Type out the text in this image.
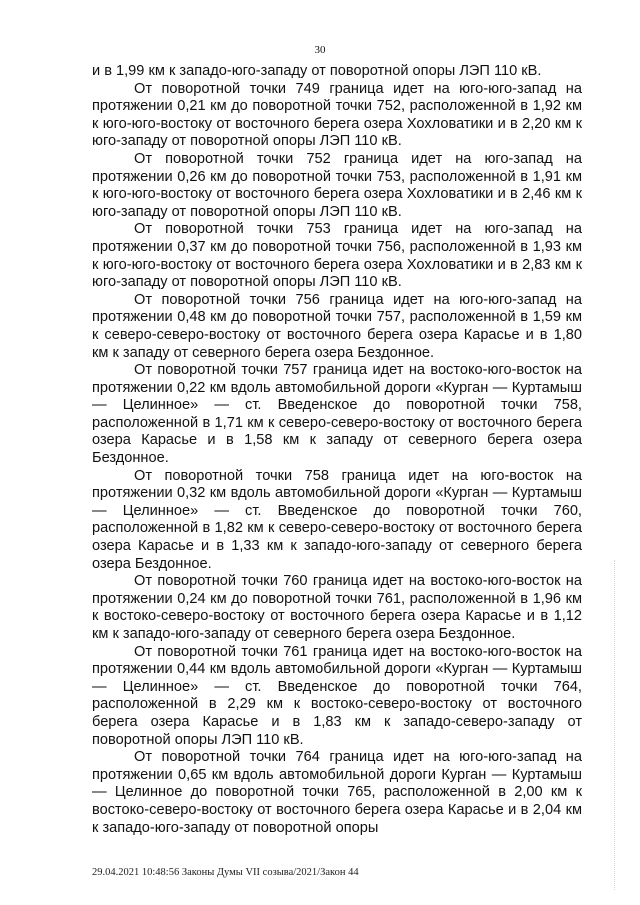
30

и в 1,99 км к западо-юго-западу от поворотной опоры ЛЭП 110 кВ.

От поворотной точки 749 граница идет на юго-юго-запад на протяжении 0,21 км до поворотной точки 752, расположенной в 1,92 км к юго-юго-востоку от восточного берега озера Хохловатики и в 2,20 км к юго-западу от поворотной опоры ЛЭП 110 кВ.

От поворотной точки 752 граница идет на юго-запад на протяжении 0,26 км до поворотной точки 753, расположенной в 1,91 км к юго-юго-востоку от восточного берега озера Хохловатики и в 2,46 км к юго-западу от поворотной опоры ЛЭП 110 кВ.

От поворотной точки 753 граница идет на юго-запад на протяжении 0,37 км до поворотной точки 756, расположенной в 1,93 км к юго-юго-востоку от восточного берега озера Хохловатики и в 2,83 км к юго-западу от поворотной опоры ЛЭП 110 кВ.

От поворотной точки 756 граница идет на юго-юго-запад на протяжении 0,48 км до поворотной точки 757, расположенной в 1,59 км к северо-северо-востоку от восточного берега озера Карасье и в 1,80 км к западу от северного берега озера Бездонное.

От поворотной точки 757 граница идет на востоко-юго-восток на протяжении 0,22 км вдоль автомобильной дороги «Курган — Куртамыш — Целинное» — ст. Введенское до поворотной точки 758, расположенной в 1,71 км к северо-северо-востоку от восточного берега озера Карасье и в 1,58 км к западу от северного берега озера Бездонное.

От поворотной точки 758 граница идет на юго-восток на протяжении 0,32 км вдоль автомобильной дороги «Курган — Куртамыш — Целинное» — ст. Введенское до поворотной точки 760, расположенной в 1,82 км к северо-северо-востоку от восточного берега озера Карасье и в 1,33 км к западо-юго-западу от северного берега озера Бездонное.

От поворотной точки 760 граница идет на востоко-юго-восток на протяжении 0,24 км до поворотной точки 761, расположенной в 1,96 км к востоко-северо-востоку от восточного берега озера Карасье и в 1,12 км к западо-юго-западу от северного берега озера Бездонное.

От поворотной точки 761 граница идет на востоко-юго-восток на протяжении 0,44 км вдоль автомобильной дороги «Курган — Куртамыш — Целинное» — ст. Введенское до поворотной точки 764, расположенной в 2,29 км к востоко-северо-востоку от восточного берега озера Карасье и в 1,83 км к западо-северо-западу от поворотной опоры ЛЭП 110 кВ.

От поворотной точки 764 граница идет на юго-юго-запад на протяжении 0,65 км вдоль автомобильной дороги Курган — Куртамыш — Целинное до поворотной точки 765, расположенной в 2,00 км к востоко-северо-востоку от восточного берега озера Карасье и в 2,04 км к западо-юго-западу от поворотной опоры

29.04.2021 10:48:56 Законы Думы VII созыва/2021/Закон 44
